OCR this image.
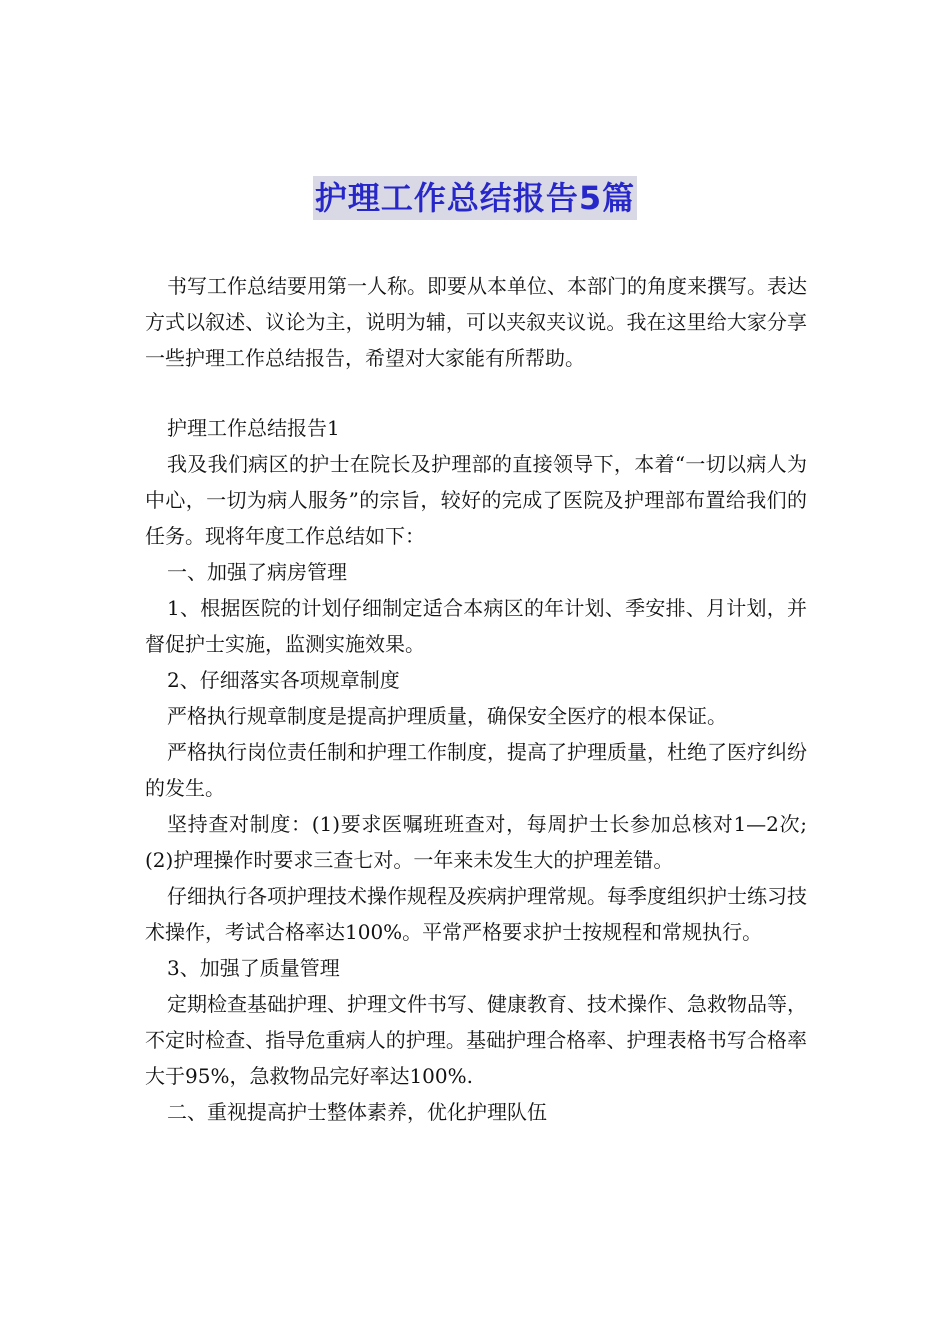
护理工作总结报告5篇

书写工作总结要用第一人称。即要从本单位、本部门的角度来撰写。表达方式以叙述、议论为主，说明为辅，可以夹叙夹议说。我在这里给大家分享一些护理工作总结报告，希望对大家能有所帮助。

护理工作总结报告1

我及我们病区的护士在院长及护理部的直接领导下，本着“一切以病人为中心，一切为病人服务”的宗旨，较好的完成了医院及护理部布置给我们的任务。现将年度工作总结如下：

一、加强了病房管理

1、根据医院的计划仔细制定适合本病区的年计划、季安排、月计划，并督促护士实施，监测实施效果。

2、仔细落实各项规章制度

严格执行规章制度是提高护理质量，确保安全医疗的根本保证。

严格执行岗位责任制和护理工作制度，提高了护理质量，杜绝了医疗纠纷的发生。

坚持查对制度：(1)要求医嘱班班查对，每周护士长参加总核对1—2次;(2)护理操作时要求三查七对。一年来未发生大的护理差错。

仔细执行各项护理技术操作规程及疾病护理常规。每季度组织护士练习技术操作，考试合格率达100%。平常严格要求护士按规程和常规执行。

3、加强了质量管理

定期检查基础护理、护理文件书写、健康教育、技术操作、急救物品等，不定时检查、指导危重病人的护理。基础护理合格率、护理表格书写合格率大于95%，急救物品完好率达100%.

二、重视提高护士整体素养，优化护理队伍
